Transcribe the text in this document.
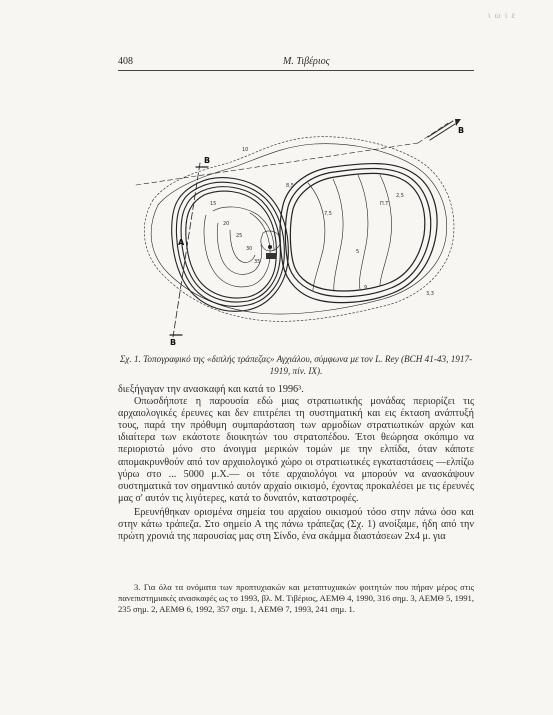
ι ω ι ε
408	Μ. Τιβέριος
B
B
B
A
10
15
20
25
30
35
3,3
5
2,5
7,5
8,5
9
Π.Τ
Σχ. 1. Τοπογραφικό της «διπλής τράπεζας» Αγχιάλου, σύμφωνα με τον L. Rey (BCH 41-43, 1917-
1919, πίν. IX).

διεξήγαγαν την ανασκαφή και κατά το 1996³.

Οπωσδήποτε η παρουσία εδώ μιας στρατιωτικής μονάδας περιορίζει τις αρχαιολογικές έρευνες και δεν επιτρέπει τη συστηματική και εις έκταση ανάπτυξή τους, παρά την πρόθυμη συμπαράσταση των αρμοδίων στρατιωτικών αρχών και ιδιαίτερα των εκάστοτε διοικητών του στρατοπέδου. Έτσι θεώρησα σκόπιμο να περιοριστώ μόνο στο άνοιγμα μερικών τομών με την ελπίδα, όταν κάποτε απομακρυνθούν από τον αρχαιολογικό χώρο οι στρατιωτικές εγκαταστάσεις —ελπίζω γύρω στο ... 5000 μ.Χ.— οι τότε αρχαιολόγοι να μπορούν να ανασκάψουν συστηματικά τον σημαντικό αυτόν αρχαίο οικισμό, έχοντας προκαλέσει με τις έρευνές μας σ' αυτόν τις λιγότερες, κατά το δυνατόν, καταστροφές.

Ερευνήθηκαν ορισμένα σημεία του αρχαίου οικισμού τόσο στην πάνω όσο και στην κάτω τράπεζα. Στο σημείο Α της πάνω τράπεζας (Σχ. 1) ανοίξαμε, ήδη από την πρώτη χρονιά της παρουσίας μας στη Σίνδο, ένα σκάμμα διαστάσεων 2x4 μ. για

3. Για όλα τα ονόματα των προπτυχιακών και μεταπτυχιακών φοιτητών που πήραν μέρος στις πανεπιστημιακές ανασκαφές ως το 1993, βλ. Μ. Τιβέριος, ΑΕΜΘ 4, 1990, 316 σημ. 3, ΑΕΜΘ 5, 1991, 235 σημ. 2, ΑΕΜΘ 6, 1992, 357 σημ. 1, ΑΕΜΘ 7, 1993, 241 σημ. 1.
